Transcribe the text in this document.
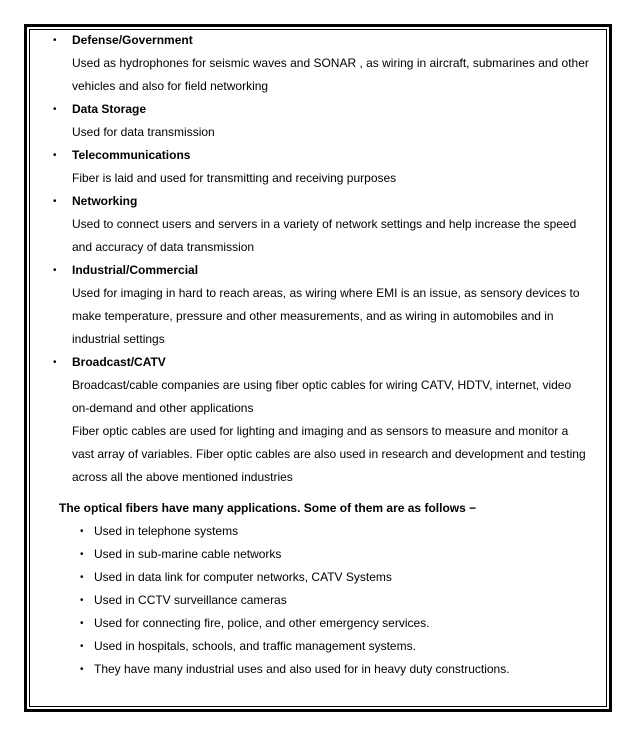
• Defense/Government
Used as hydrophones for seismic waves and SONAR , as wiring in aircraft, submarines and other vehicles and also for field networking
• Data Storage
Used for data transmission
• Telecommunications
Fiber is laid and used for transmitting and receiving purposes
• Networking
Used to connect users and servers in a variety of network settings and help increase the speed and accuracy of data transmission
• Industrial/Commercial
Used for imaging in hard to reach areas, as wiring where EMI is an issue, as sensory devices to make temperature, pressure and other measurements, and as wiring in automobiles and in industrial settings
• Broadcast/CATV
Broadcast/cable companies are using fiber optic cables for wiring CATV, HDTV, internet, video on-demand and other applications
Fiber optic cables are used for lighting and imaging and as sensors to measure and monitor a vast array of variables. Fiber optic cables are also used in research and development and testing across all the above mentioned industries
The optical fibers have many applications. Some of them are as follows −
• Used in telephone systems
• Used in sub-marine cable networks
• Used in data link for computer networks, CATV Systems
• Used in CCTV surveillance cameras
• Used for connecting fire, police, and other emergency services.
• Used in hospitals, schools, and traffic management systems.
• They have many industrial uses and also used for in heavy duty constructions.
